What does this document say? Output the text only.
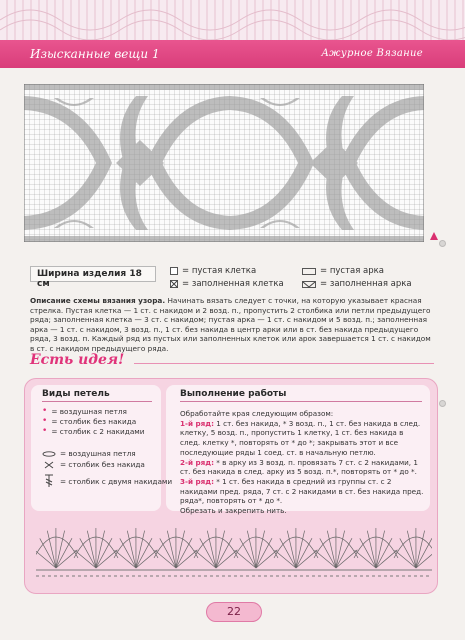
Изысканные вещи 1	Ажурное Вязание
Ширина изделия 18 см
= пустая клетка
= заполненная клетка
= пустая арка
= заполненная арка
Описание схемы вязания узора. Начинать вязать следует с точки, на которую указывает красная стрелка. Пустая клетка — 1 ст. с накидом и 2 возд. п., пропустить 2 столбика или петли предыдущего ряда; заполненная клетка — 3 ст. с накидом; пустая арка — 1 ст. с накидом и 5 возд. п.; заполненная арка — 1 ст. с накидом, 3 возд. п., 1 ст. без накида в центр арки или в ст. без накида предыдущего ряда, 3 возд. п. Каждый ряд из пустых или заполненных клеток или арок завершается 1 ст. с накидом в ст. с накидом предыдущего ряда.
Есть идея!
Виды петель
• = воздушная петля
• = столбик без накида
• = столбик с 2 накидами
= воздушная петля
= столбик без накида
= столбик с двумя накидами
Выполнение работы
Обработайте края следующим образом:
1-й ряд: 1 ст. без накида, * 3 возд. п., 1 ст. без накида в след. клетку, 5 возд. п., пропустить 1 клетку, 1 ст. без накида в след. клетку *, повторять от * до *; закрывать этот и все последующие ряды 1 соед. ст. в начальную петлю.
2-й ряд: * в арку из 3 возд. п. провязать 7 ст. с 2 накидами, 1 ст. без накида в след. арку из 5 возд. п.*, повторять от * до *.
3-й ряд: * 1 ст. без накида в средний из группы ст. с 2 накидами пред. ряда, 7 ст. с 2 накидами в ст. без накида пред. ряда*, повторять от * до *.
Обрезать и закрепить нить.
22
